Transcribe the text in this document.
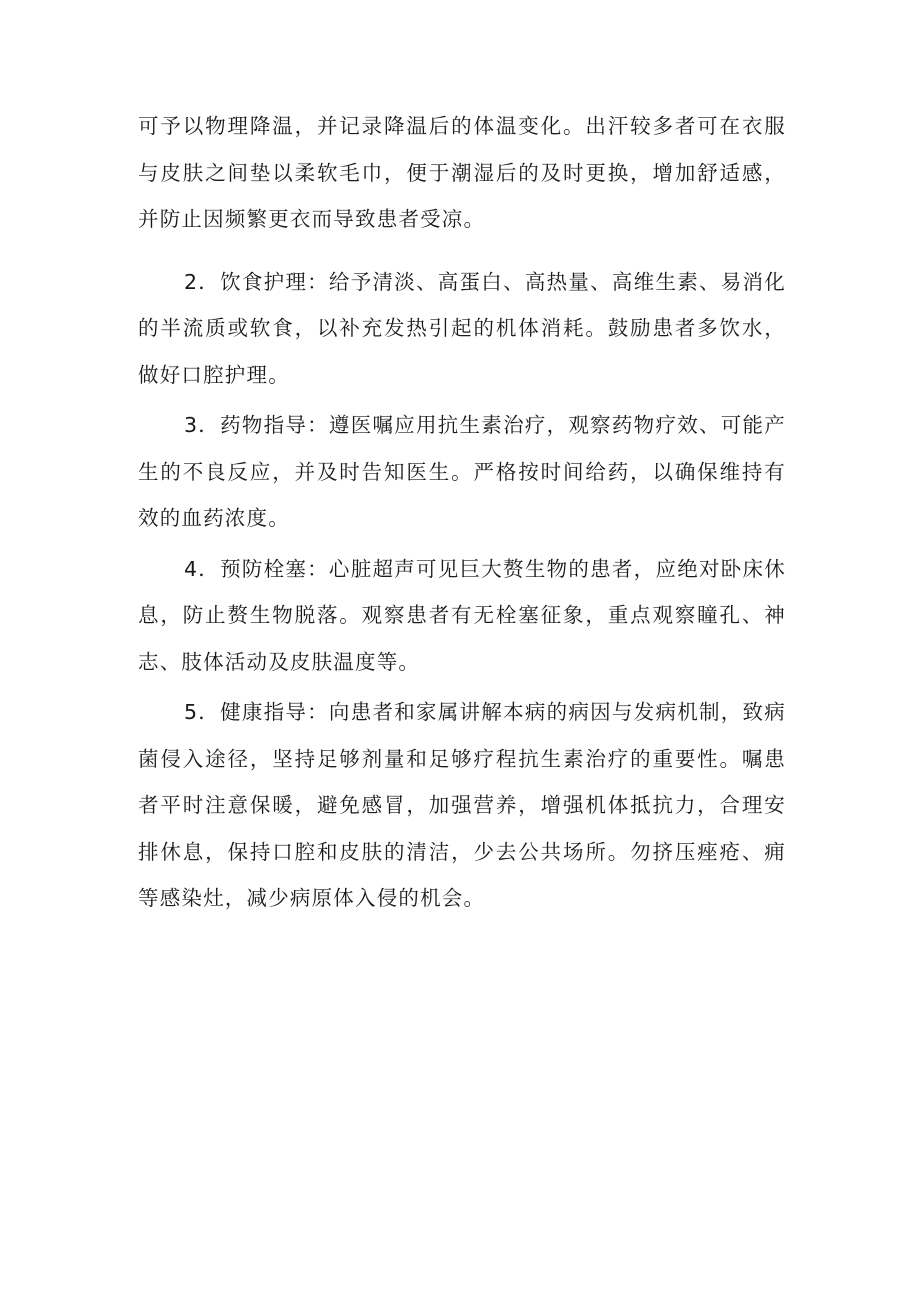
可予以物理降温，并记录降温后的体温变化。出汗较多者可在衣服与皮肤之间垫以柔软毛巾，便于潮湿后的及时更换，增加舒适感，并防止因频繁更衣而导致患者受凉。

2．饮食护理：给予清淡、高蛋白、高热量、高维生素、易消化的半流质或软食，以补充发热引起的机体消耗。鼓励患者多饮水，做好口腔护理。

3．药物指导：遵医嘱应用抗生素治疗，观察药物疗效、可能产生的不良反应，并及时告知医生。严格按时间给药，以确保维持有效的血药浓度。

4．预防栓塞：心脏超声可见巨大赘生物的患者，应绝对卧床休息，防止赘生物脱落。观察患者有无栓塞征象，重点观察瞳孔、神志、肢体活动及皮肤温度等。

5．健康指导：向患者和家属讲解本病的病因与发病机制，致病菌侵入途径，坚持足够剂量和足够疗程抗生素治疗的重要性。嘱患者平时注意保暖，避免感冒，加强营养，增强机体抵抗力，合理安排休息，保持口腔和皮肤的清洁，少去公共场所。勿挤压痤疮、痈等感染灶，减少病原体入侵的机会。
